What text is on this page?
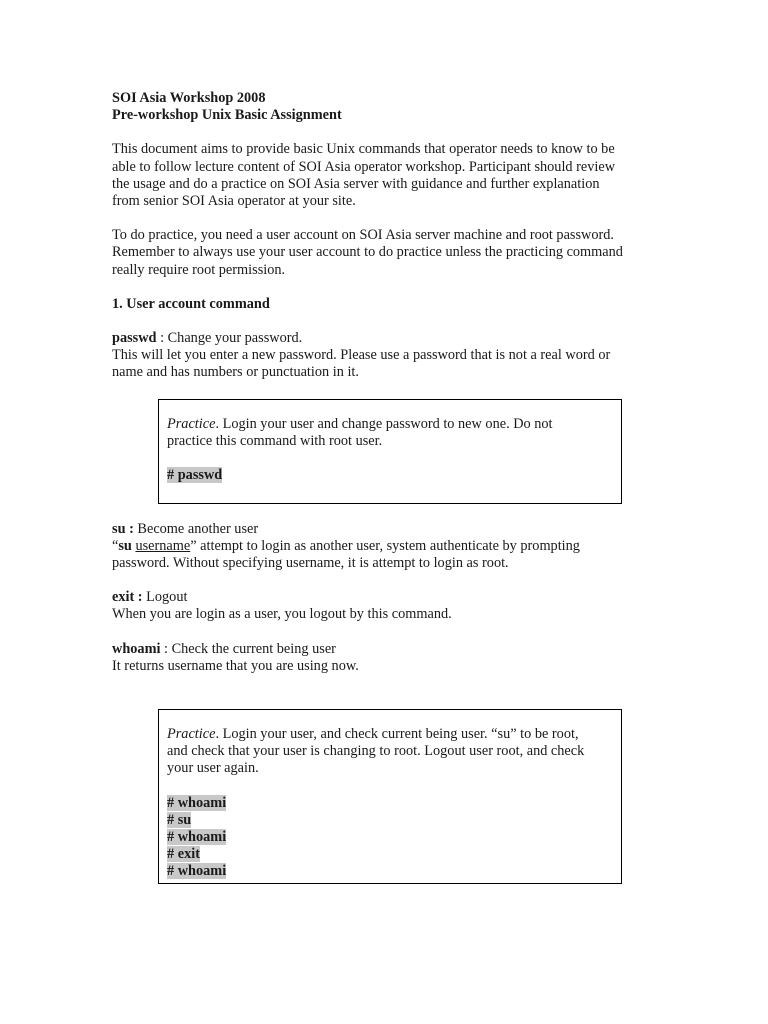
SOI Asia Workshop 2008

Pre-workshop Unix Basic Assignment

This document aims to provide basic Unix commands that operator needs to know to be

able to follow lecture content of SOI Asia operator workshop. Participant should review

the usage and do a practice on SOI Asia server with guidance and further explanation

from senior SOI Asia operator at your site.

To do practice, you need a user account on SOI Asia server machine and root password.

Remember to always use your user account to do practice unless the practicing command

really require root permission.

1. User account command

passwd : Change your password.

This will let you enter a new password. Please use a password that is not a real word or

name and has numbers or punctuation in it.

Practice. Login your user and change password to new one. Do not

practice this command with root user.

# passwd

su : Become another user

“su username” attempt to login as another user, system authenticate by prompting

password. Without specifying username, it is attempt to login as root.

exit : Logout

When you are login as a user, you logout by this command.

whoami : Check the current being user

It returns username that you are using now.

Practice. Login your user, and check current being user. “su” to be root,

and check that your user is changing to root. Logout user root, and check

your user again.

# whoami

# su

# whoami

# exit

# whoami
